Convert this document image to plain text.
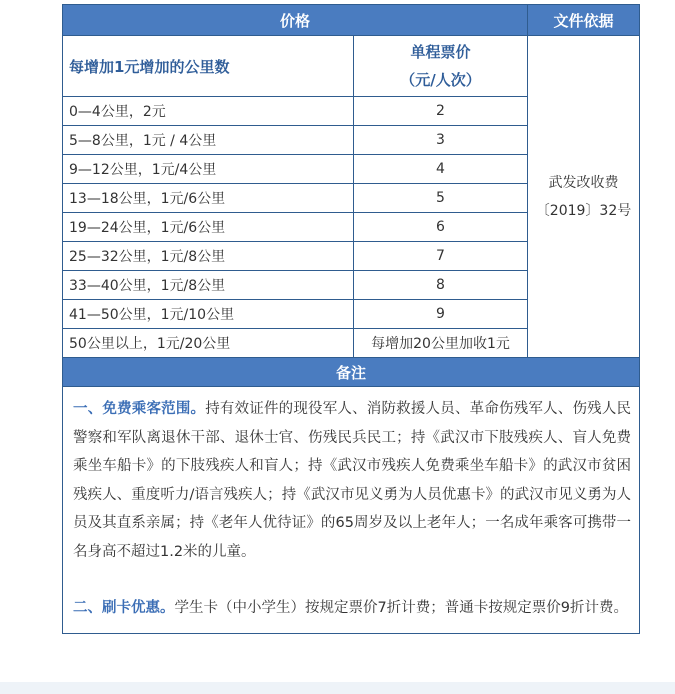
价格		文件依据
每增加1元增加的公里数	单程票价
（元/人次）	武发改收费〔2019〕32号
0—4公里，2元	2	
5—8公里，1元 / 4公里	3	
9—12公里，1元/4公里	4	
13—18公里，1元/6公里	5	
19—24公里，1元/6公里	6	
25—32公里，1元/8公里	7	
33—40公里，1元/8公里	8	
41—50公里，1元/10公里	9	
50公里以上，1元/20公里	每增加20公里加收1元	
备注		

一、免费乘客范围。持有效证件的现役军人、消防救援人员、革命伤残军人、伤残人民警察和军队离退休干部、退休士官、伤残民兵民工；持《武汉市下肢残疾人、盲人免费乘坐车船卡》的下肢残疾人和盲人；持《武汉市残疾人免费乘坐车船卡》的武汉市贫困残疾人、重度听力/语言残疾人；持《武汉市见义勇为人员优惠卡》的武汉市见义勇为人员及其直系亲属；持《老年人优待证》的65周岁及以上老年人；一名成年乘客可携带一名身高不超过1.2米的儿童。

二、刷卡优惠。学生卡（中小学生）按规定票价7折计费；普通卡按规定票价9折计费。		
